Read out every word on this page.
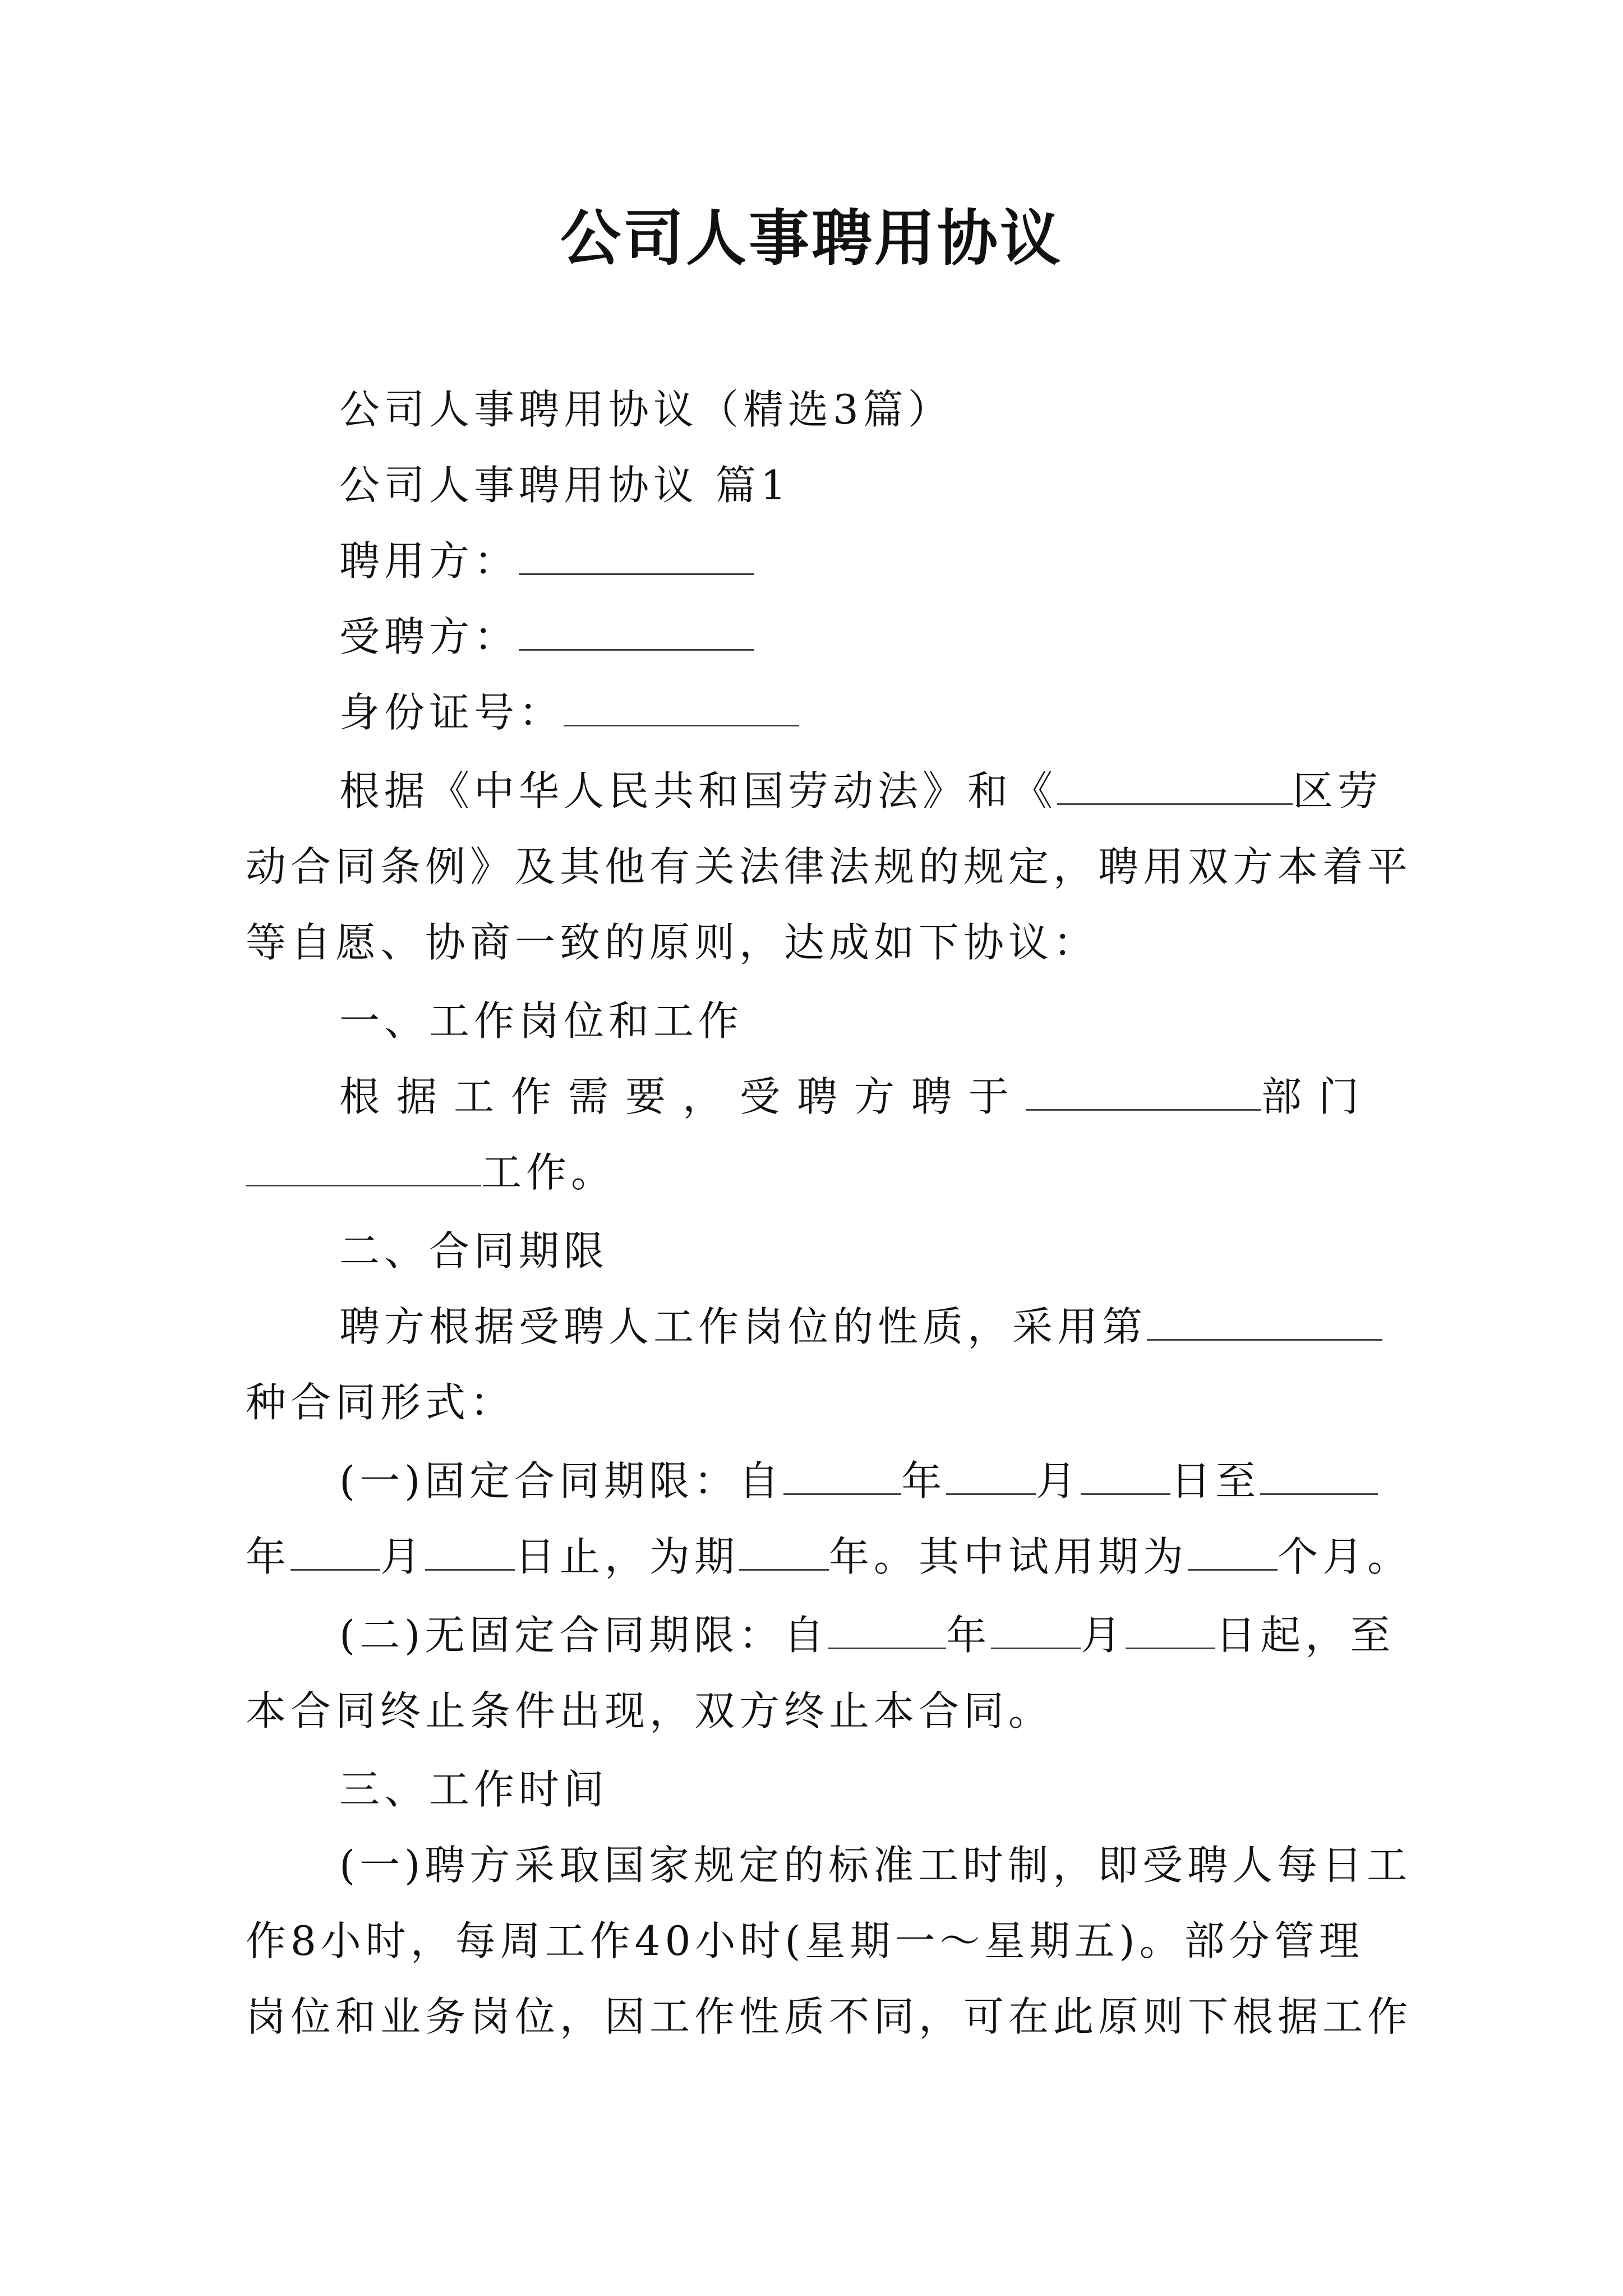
公司人事聘用协议
公司人事聘用协议（精选3篇）
公司人事聘用协议 篇1
聘用方：
受聘方：
身份证号：
根据《中华人民共和国劳动法》和《	区劳
动合同条例》及其他有关法律法规的规定，聘用双方本着平
等自愿、协商一致的原则，达成如下协议：
一、工作岗位和工作
根据工作需要，受聘方聘于	部门
工作。
二、合同期限
聘方根据受聘人工作岗位的性质，采用第
种合同形式：
(一)固定合同期限：自	年 月 日至
年 月 日止，为期 年。其中试用期为 个月。
(二)无固定合同期限：自	年 月 日起，至
本合同终止条件出现，双方终止本合同。
三、工作时间
(一)聘方采取国家规定的标准工时制，即受聘人每日工
作8小时，每周工作40小时(星期一～星期五)。部分管理
岗位和业务岗位，因工作性质不同，可在此原则下根据工作
